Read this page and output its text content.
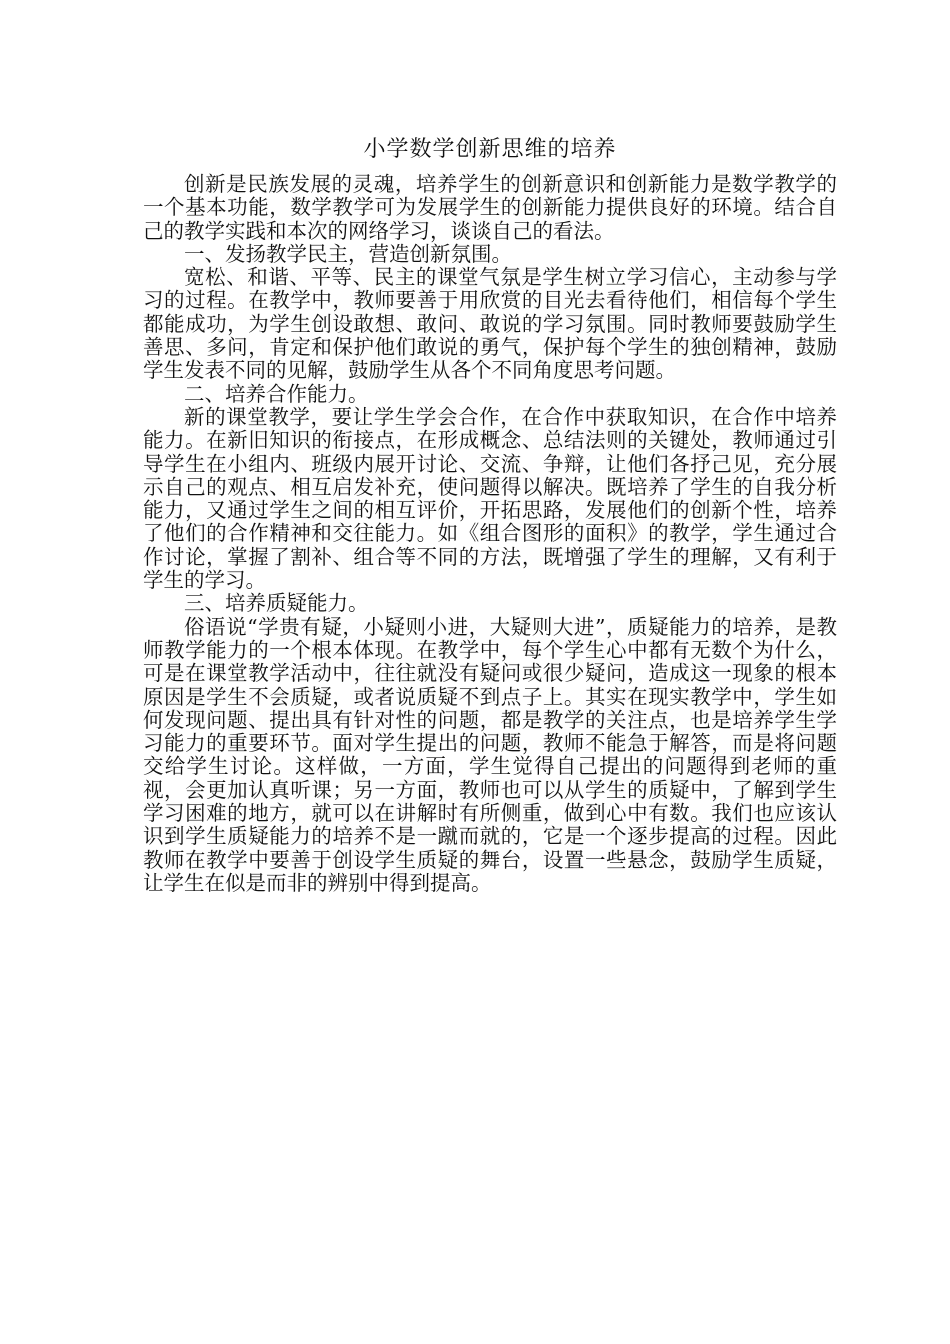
小学数学创新思维的培养

创新是民族发展的灵魂，培养学生的创新意识和创新能力是数学教学的一个基本功能，数学教学可为发展学生的创新能力提供良好的环境。结合自己的教学实践和本次的网络学习，谈谈自己的看法。

一、发扬教学民主，营造创新氛围。

宽松、和谐、平等、民主的课堂气氛是学生树立学习信心，主动参与学习的过程。在教学中，教师要善于用欣赏的目光去看待他们，相信每个学生都能成功，为学生创设敢想、敢问、敢说的学习氛围。同时教师要鼓励学生善思、多问，肯定和保护他们敢说的勇气，保护每个学生的独创精神，鼓励学生发表不同的见解，鼓励学生从各个不同角度思考问题。

二、培养合作能力。

新的课堂教学，要让学生学会合作，在合作中获取知识，在合作中培养能力。在新旧知识的衔接点，在形成概念、总结法则的关键处，教师通过引导学生在小组内、班级内展开讨论、交流、争辩，让他们各抒己见，充分展示自己的观点、相互启发补充，使问题得以解决。既培养了学生的自我分析能力，又通过学生之间的相互评价，开拓思路，发展他们的创新个性，培养了他们的合作精神和交往能力。如《组合图形的面积》的教学，学生通过合作讨论，掌握了割补、组合等不同的方法，既增强了学生的理解，又有利于学生的学习。

三、培养质疑能力。

俗语说“学贵有疑，小疑则小进，大疑则大进”，质疑能力的培养，是教师教学能力的一个根本体现。在教学中，每个学生心中都有无数个为什么，可是在课堂教学活动中，往往就没有疑问或很少疑问，造成这一现象的根本原因是学生不会质疑，或者说质疑不到点子上。其实在现实教学中，学生如何发现问题、提出具有针对性的问题，都是教学的关注点，也是培养学生学习能力的重要环节。面对学生提出的问题，教师不能急于解答，而是将问题交给学生讨论。这样做，一方面，学生觉得自己提出的问题得到老师的重视，会更加认真听课；另一方面，教师也可以从学生的质疑中，了解到学生学习困难的地方，就可以在讲解时有所侧重，做到心中有数。我们也应该认识到学生质疑能力的培养不是一蹴而就的，它是一个逐步提高的过程。因此教师在教学中要善于创设学生质疑的舞台，设置一些悬念，鼓励学生质疑，让学生在似是而非的辨别中得到提高。
